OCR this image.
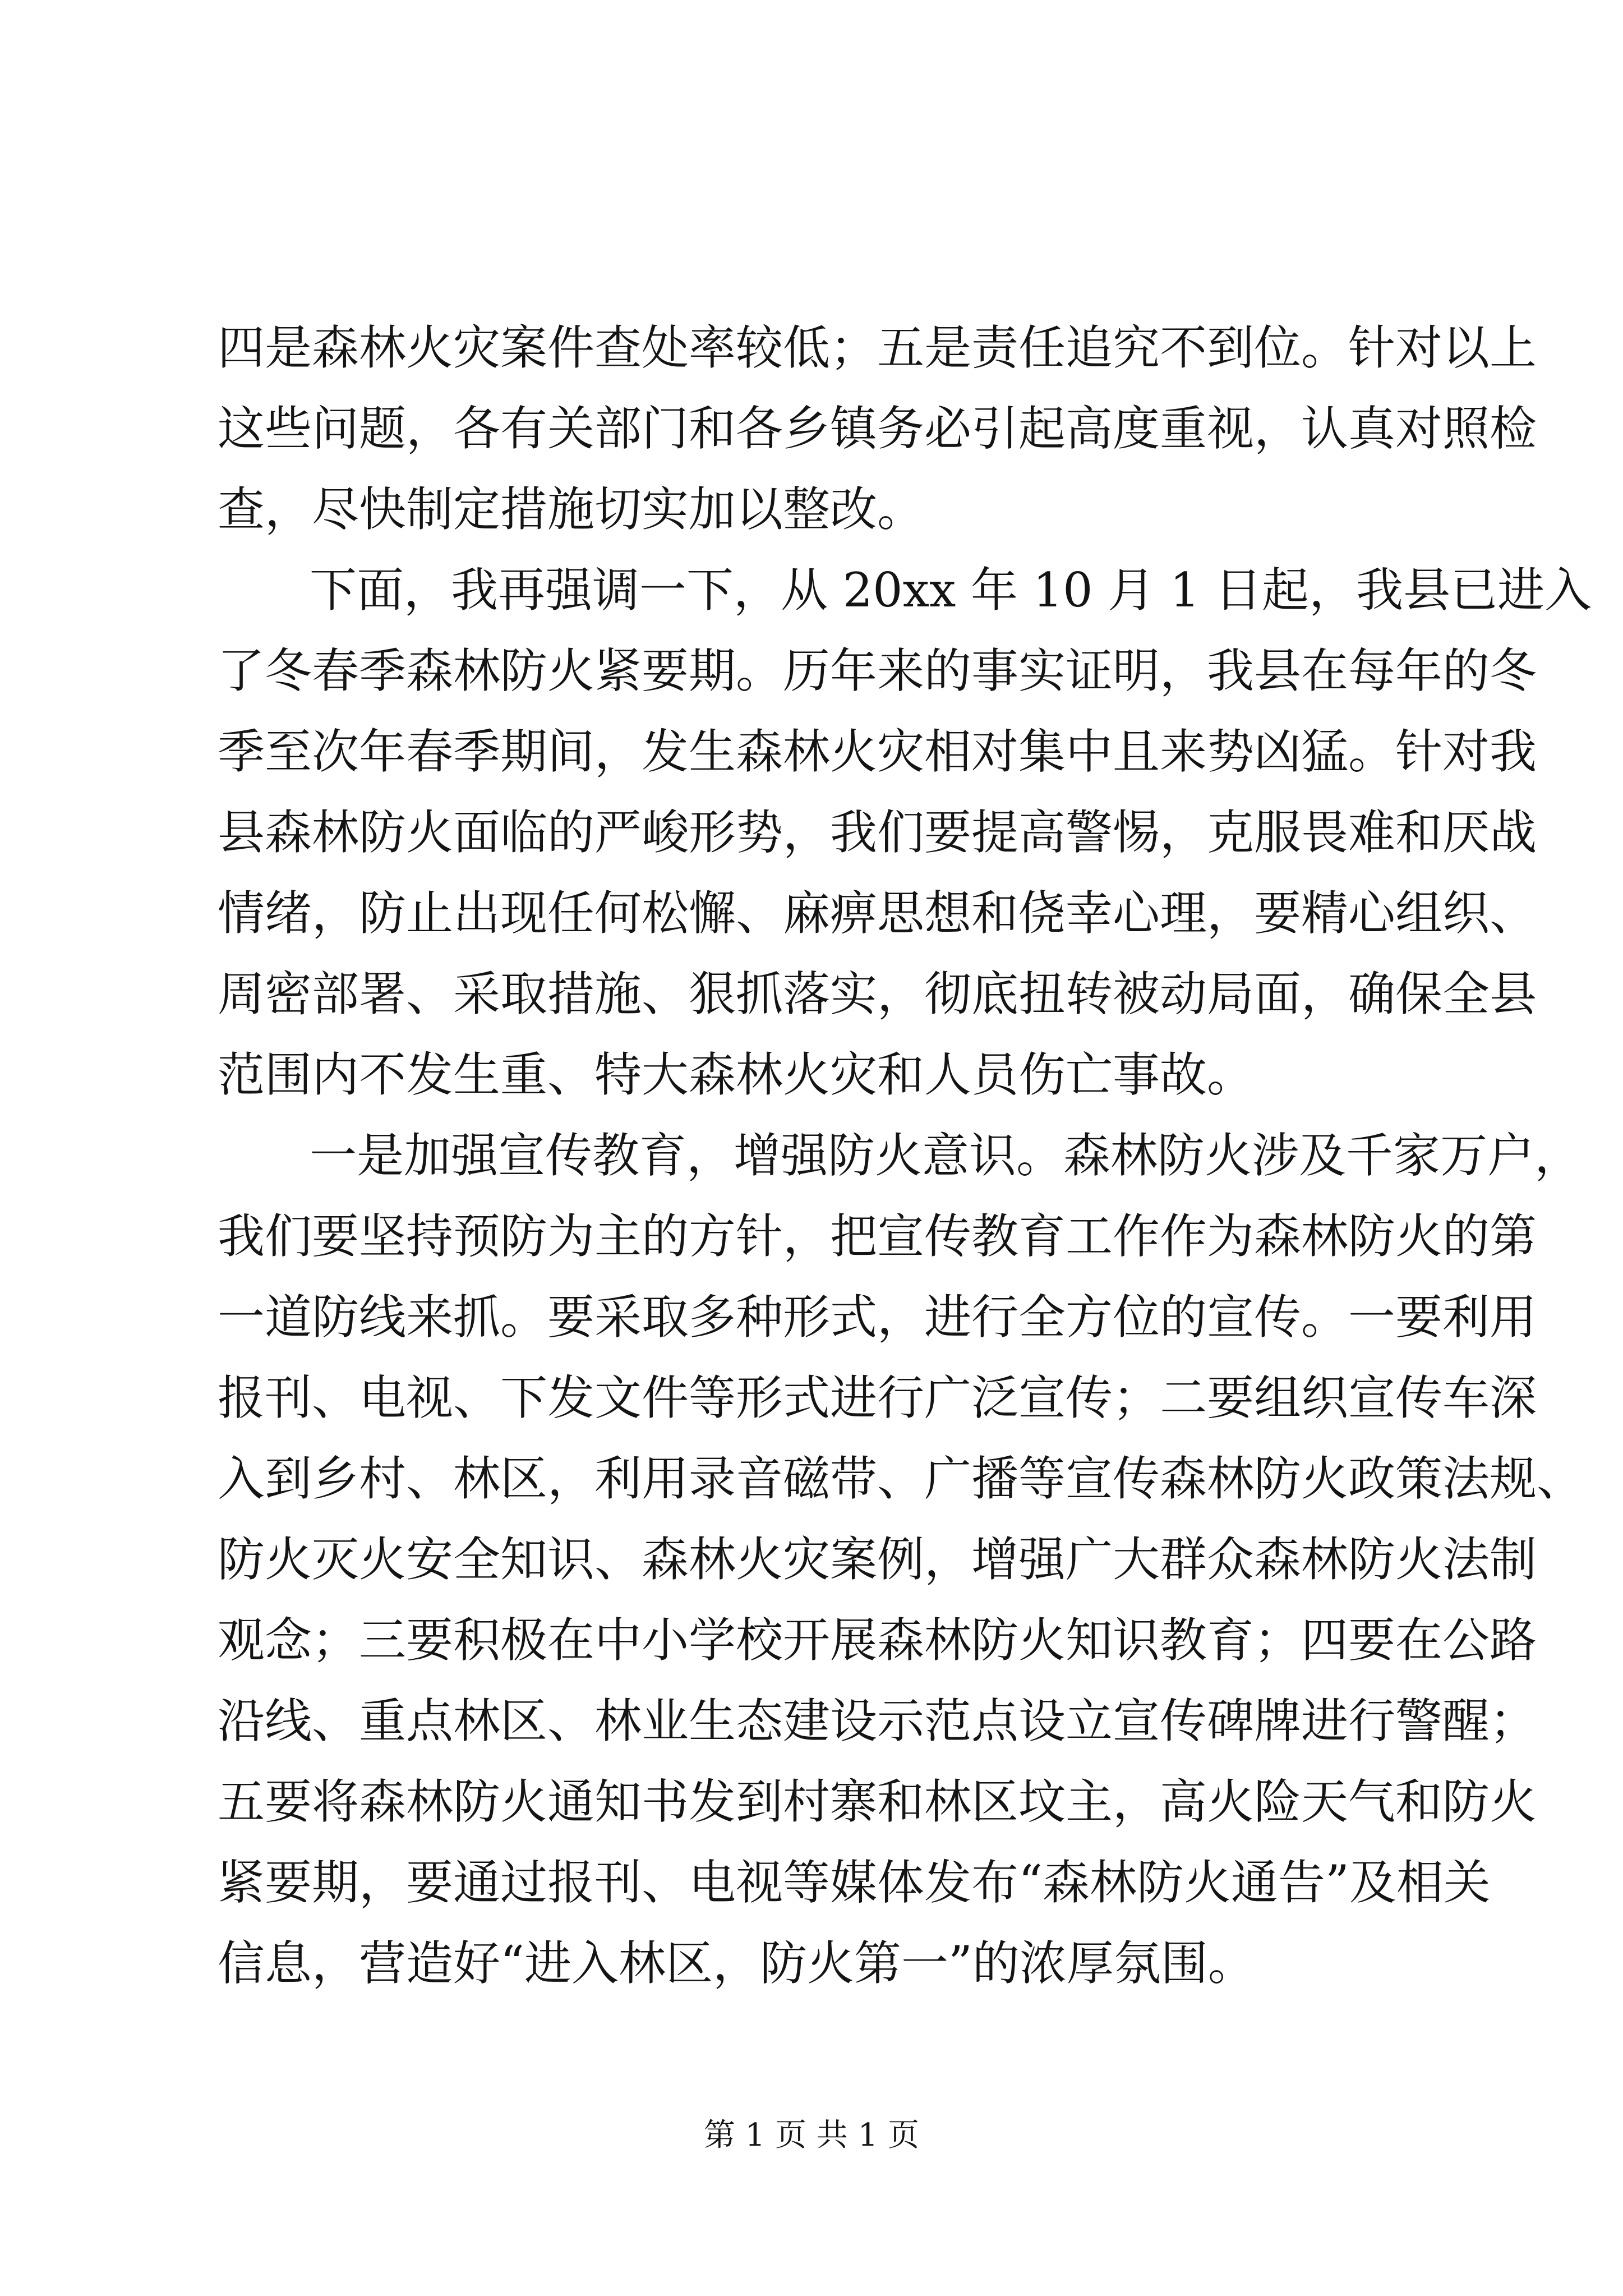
四是森林火灾案件查处率较低；五是责任追究不到位。针对以上
这些问题，各有关部门和各乡镇务必引起高度重视，认真对照检
查，尽快制定措施切实加以整改。
下面，我再强调一下，从 20xx 年 10 月 1 日起，我县已进入
了冬春季森林防火紧要期。历年来的事实证明，我县在每年的冬
季至次年春季期间，发生森林火灾相对集中且来势凶猛。针对我
县森林防火面临的严峻形势，我们要提高警惕，克服畏难和厌战
情绪，防止出现任何松懈、麻痹思想和侥幸心理，要精心组织、
周密部署、采取措施、狠抓落实，彻底扭转被动局面，确保全县
范围内不发生重、特大森林火灾和人员伤亡事故。
一是加强宣传教育，增强防火意识。森林防火涉及千家万户，
我们要坚持预防为主的方针，把宣传教育工作作为森林防火的第
一道防线来抓。要采取多种形式，进行全方位的宣传。一要利用
报刊、电视、下发文件等形式进行广泛宣传；二要组织宣传车深
入到乡村、林区，利用录音磁带、广播等宣传森林防火政策法规、
防火灭火安全知识、森林火灾案例，增强广大群众森林防火法制
观念；三要积极在中小学校开展森林防火知识教育；四要在公路
沿线、重点林区、林业生态建设示范点设立宣传碑牌进行警醒；
五要将森林防火通知书发到村寨和林区坟主，高火险天气和防火
紧要期，要通过报刊、电视等媒体发布“森林防火通告”及相关
信息，营造好“进入林区，防火第一”的浓厚氛围。
第 1 页 共 1 页
